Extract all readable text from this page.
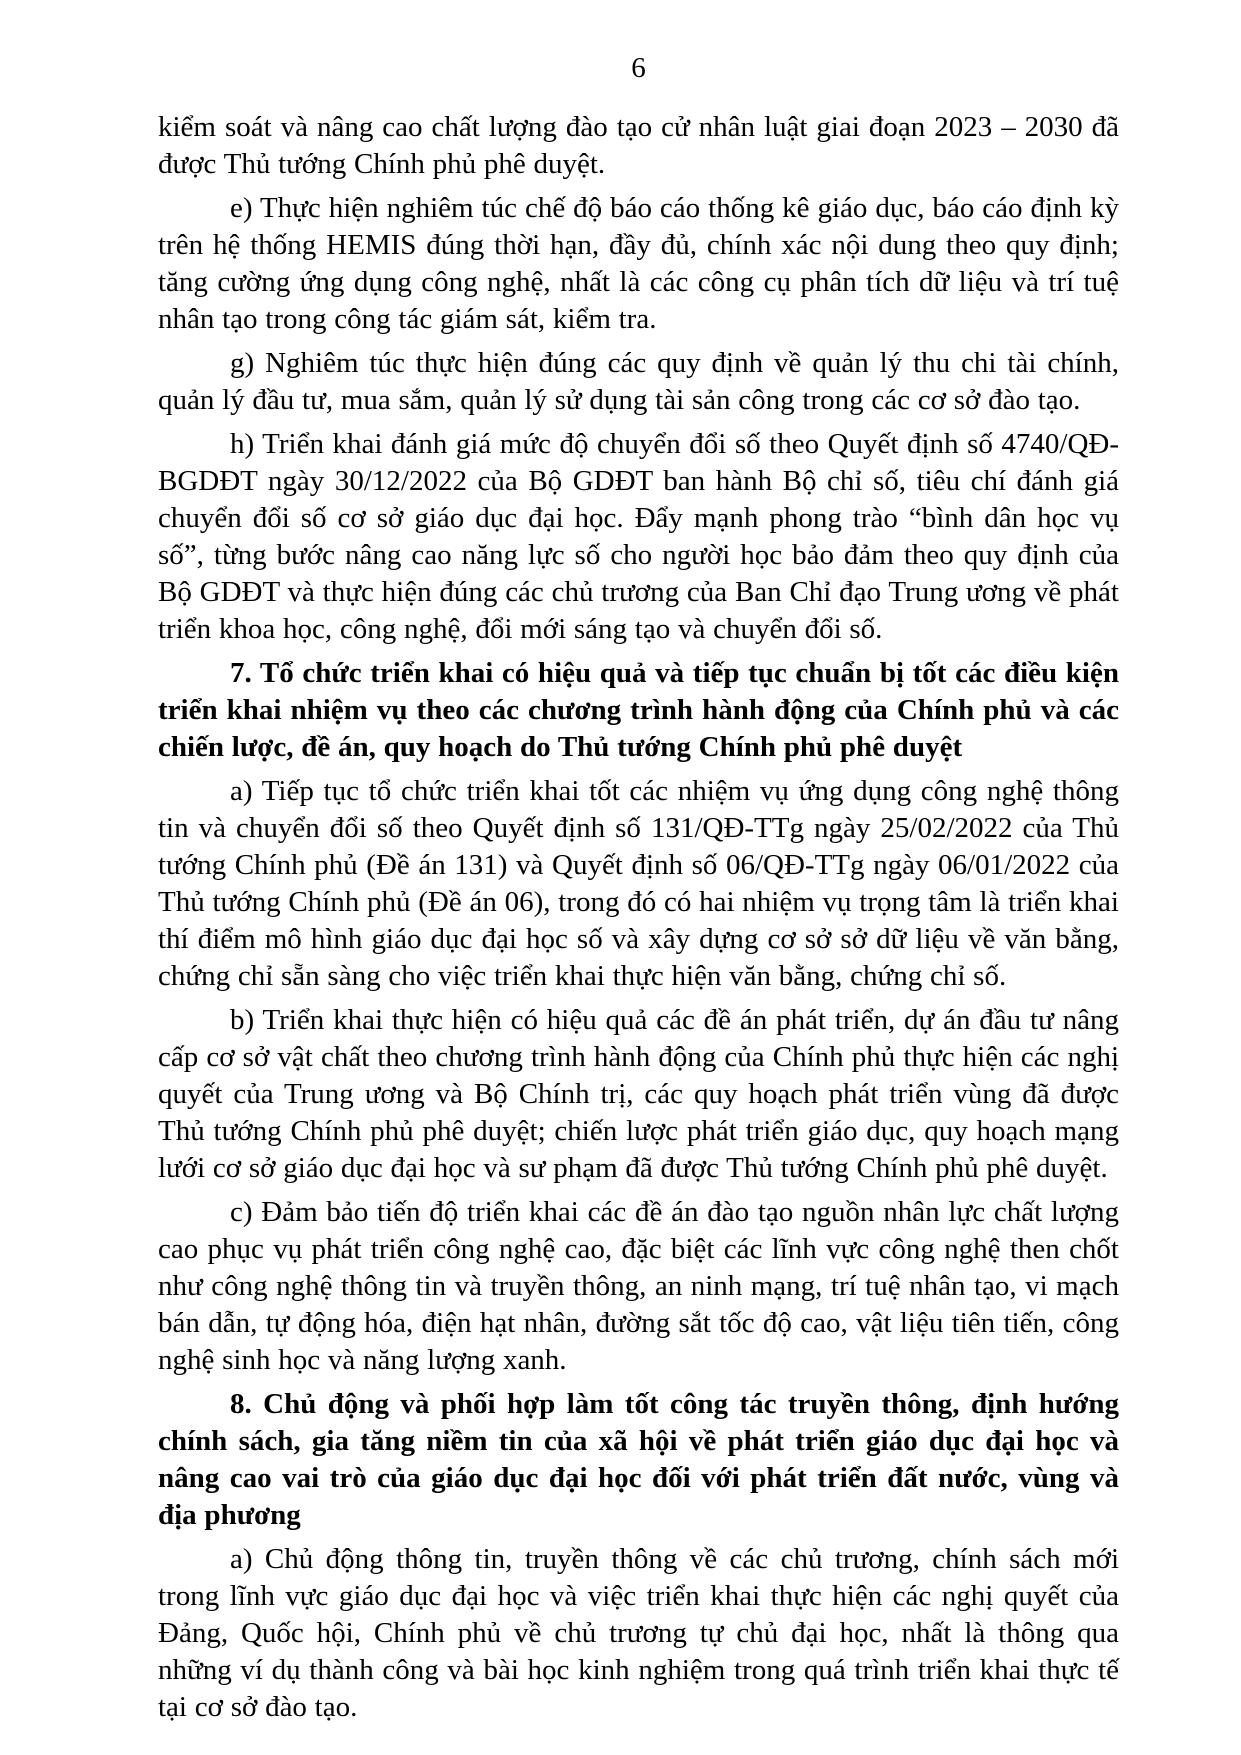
6

kiểm soát và nâng cao chất lượng đào tạo cử nhân luật giai đoạn 2023 – 2030 đã được Thủ tướng Chính phủ phê duyệt.

e) Thực hiện nghiêm túc chế độ báo cáo thống kê giáo dục, báo cáo định kỳ trên hệ thống HEMIS đúng thời hạn, đầy đủ, chính xác nội dung theo quy định; tăng cường ứng dụng công nghệ, nhất là các công cụ phân tích dữ liệu và trí tuệ nhân tạo trong công tác giám sát, kiểm tra.

g) Nghiêm túc thực hiện đúng các quy định về quản lý thu chi tài chính, quản lý đầu tư, mua sắm, quản lý sử dụng tài sản công trong các cơ sở đào tạo.

h) Triển khai đánh giá mức độ chuyển đổi số theo Quyết định số 4740/QĐ-BGDĐT ngày 30/12/2022 của Bộ GDĐT ban hành Bộ chỉ số, tiêu chí đánh giá chuyển đổi số cơ sở giáo dục đại học. Đẩy mạnh phong trào “bình dân học vụ số”, từng bước nâng cao năng lực số cho người học bảo đảm theo quy định của Bộ GDĐT và thực hiện đúng các chủ trương của Ban Chỉ đạo Trung ương về phát triển khoa học, công nghệ, đổi mới sáng tạo và chuyển đổi số.

7. Tổ chức triển khai có hiệu quả và tiếp tục chuẩn bị tốt các điều kiện triển khai nhiệm vụ theo các chương trình hành động của Chính phủ và các chiến lược, đề án, quy hoạch do Thủ tướng Chính phủ phê duyệt

a) Tiếp tục tổ chức triển khai tốt các nhiệm vụ ứng dụng công nghệ thông tin và chuyển đổi số theo Quyết định số 131/QĐ-TTg ngày 25/02/2022 của Thủ tướng Chính phủ (Đề án 131) và Quyết định số 06/QĐ-TTg ngày 06/01/2022 của Thủ tướng Chính phủ (Đề án 06), trong đó có hai nhiệm vụ trọng tâm là triển khai thí điểm mô hình giáo dục đại học số và xây dựng cơ sở sở dữ liệu về văn bằng, chứng chỉ sẵn sàng cho việc triển khai thực hiện văn bằng, chứng chỉ số.

b) Triển khai thực hiện có hiệu quả các đề án phát triển, dự án đầu tư nâng cấp cơ sở vật chất theo chương trình hành động của Chính phủ thực hiện các nghị quyết của Trung ương và Bộ Chính trị, các quy hoạch phát triển vùng đã được Thủ tướng Chính phủ phê duyệt; chiến lược phát triển giáo dục, quy hoạch mạng lưới cơ sở giáo dục đại học và sư phạm đã được Thủ tướng Chính phủ phê duyệt.

c) Đảm bảo tiến độ triển khai các đề án đào tạo nguồn nhân lực chất lượng cao phục vụ phát triển công nghệ cao, đặc biệt các lĩnh vực công nghệ then chốt như công nghệ thông tin và truyền thông, an ninh mạng, trí tuệ nhân tạo, vi mạch bán dẫn, tự động hóa, điện hạt nhân, đường sắt tốc độ cao, vật liệu tiên tiến, công nghệ sinh học và năng lượng xanh.

8. Chủ động và phối hợp làm tốt công tác truyền thông, định hướng chính sách, gia tăng niềm tin của xã hội về phát triển giáo dục đại học và nâng cao vai trò của giáo dục đại học đối với phát triển đất nước, vùng và địa phương

a) Chủ động thông tin, truyền thông về các chủ trương, chính sách mới trong lĩnh vực giáo dục đại học và việc triển khai thực hiện các nghị quyết của Đảng, Quốc hội, Chính phủ về chủ trương tự chủ đại học, nhất là thông qua những ví dụ thành công và bài học kinh nghiệm trong quá trình triển khai thực tế tại cơ sở đào tạo.
